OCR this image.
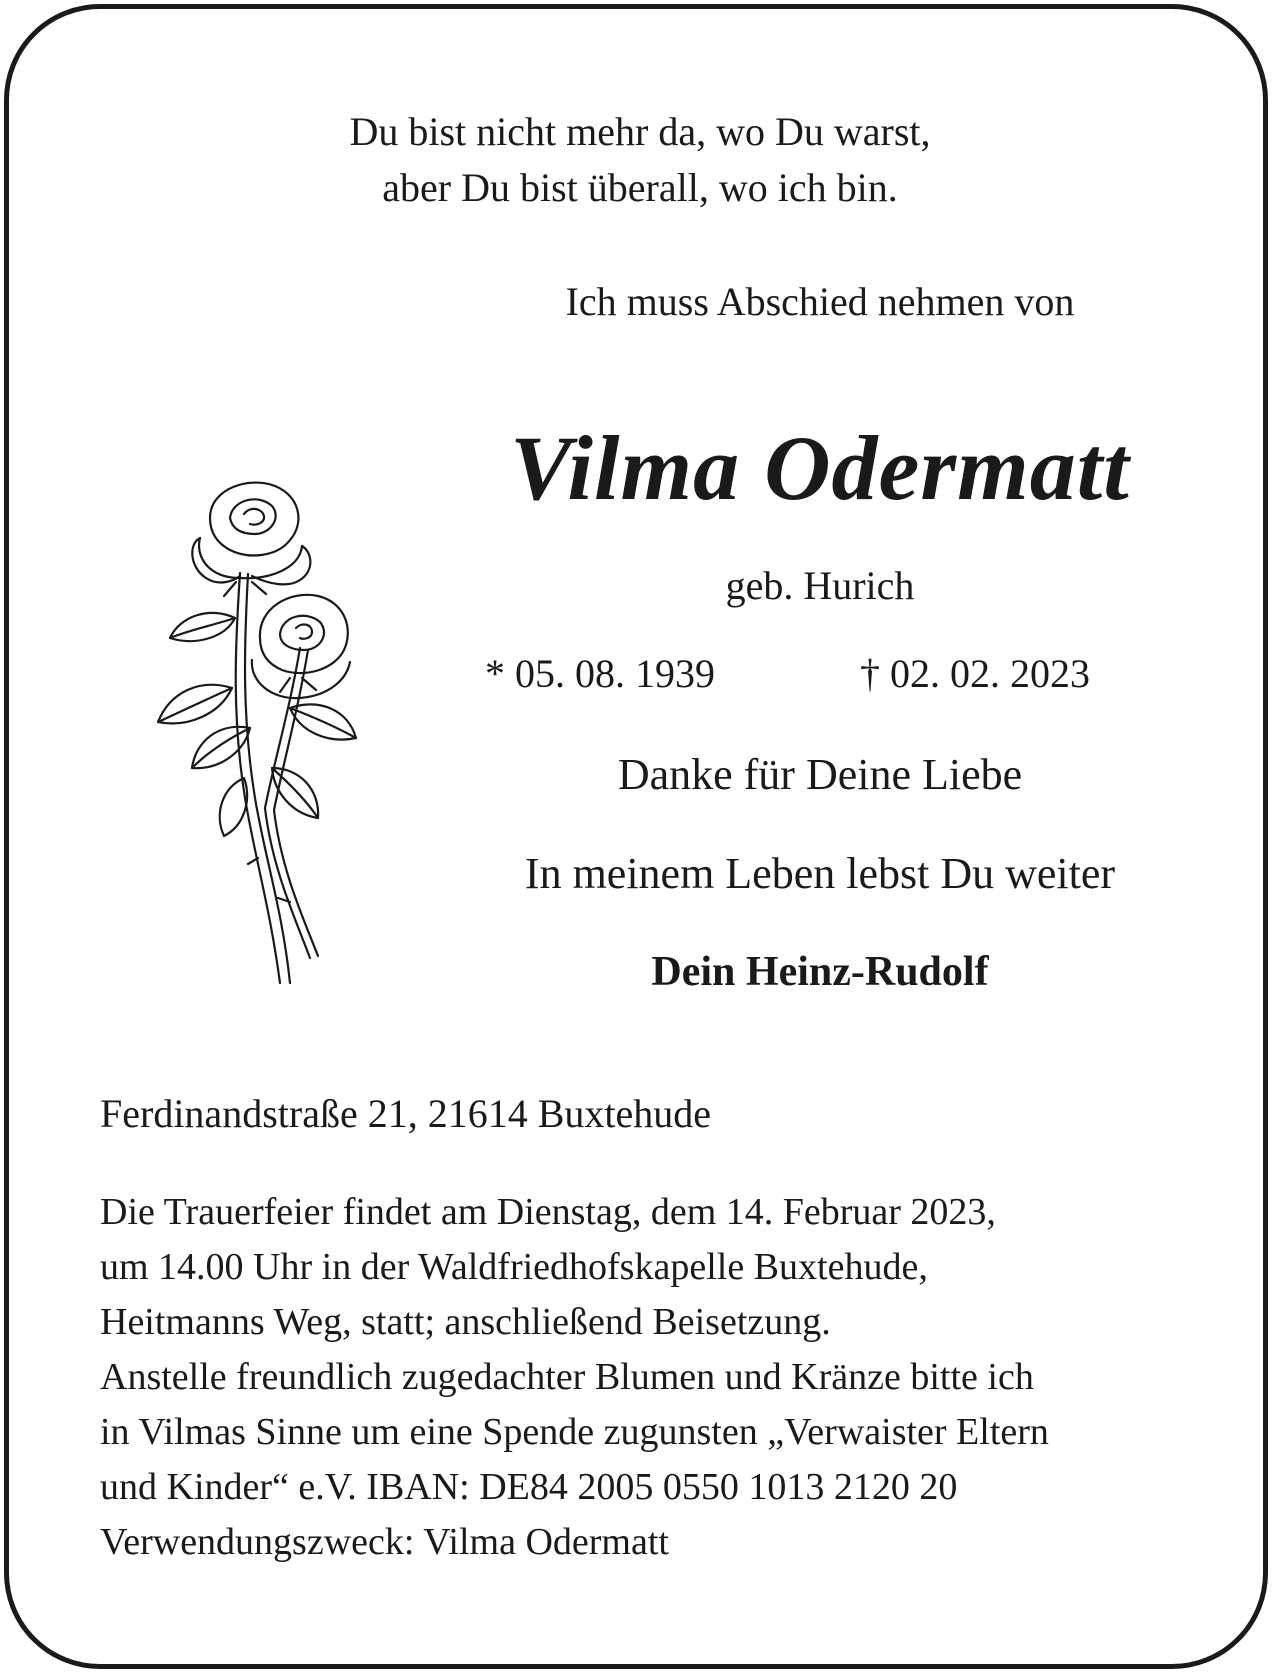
Du bist nicht mehr da, wo Du warst,
aber Du bist überall, wo ich bin.
Ich muss Abschied nehmen von
Vilma Odermatt
geb. Hurich
* 05. 08. 1939	† 02. 02. 2023
Danke für Deine Liebe
In meinem Leben lebst Du weiter
Dein Heinz-Rudolf
Ferdinandstraße 21, 21614 Buxtehude
Die Trauerfeier findet am Dienstag, dem 14. Februar 2023,
um 14.00 Uhr in der Waldfriedhofskapelle Buxtehude,
Heitmanns Weg, statt; anschließend Beisetzung.
Anstelle freundlich zugedachter Blumen und Kränze bitte ich
in Vilmas Sinne um eine Spende zugunsten „Verwaister Eltern
und Kinder“ e.V. IBAN: DE84 2005 0550 1013 2120 20
Verwendungszweck: Vilma Odermatt
